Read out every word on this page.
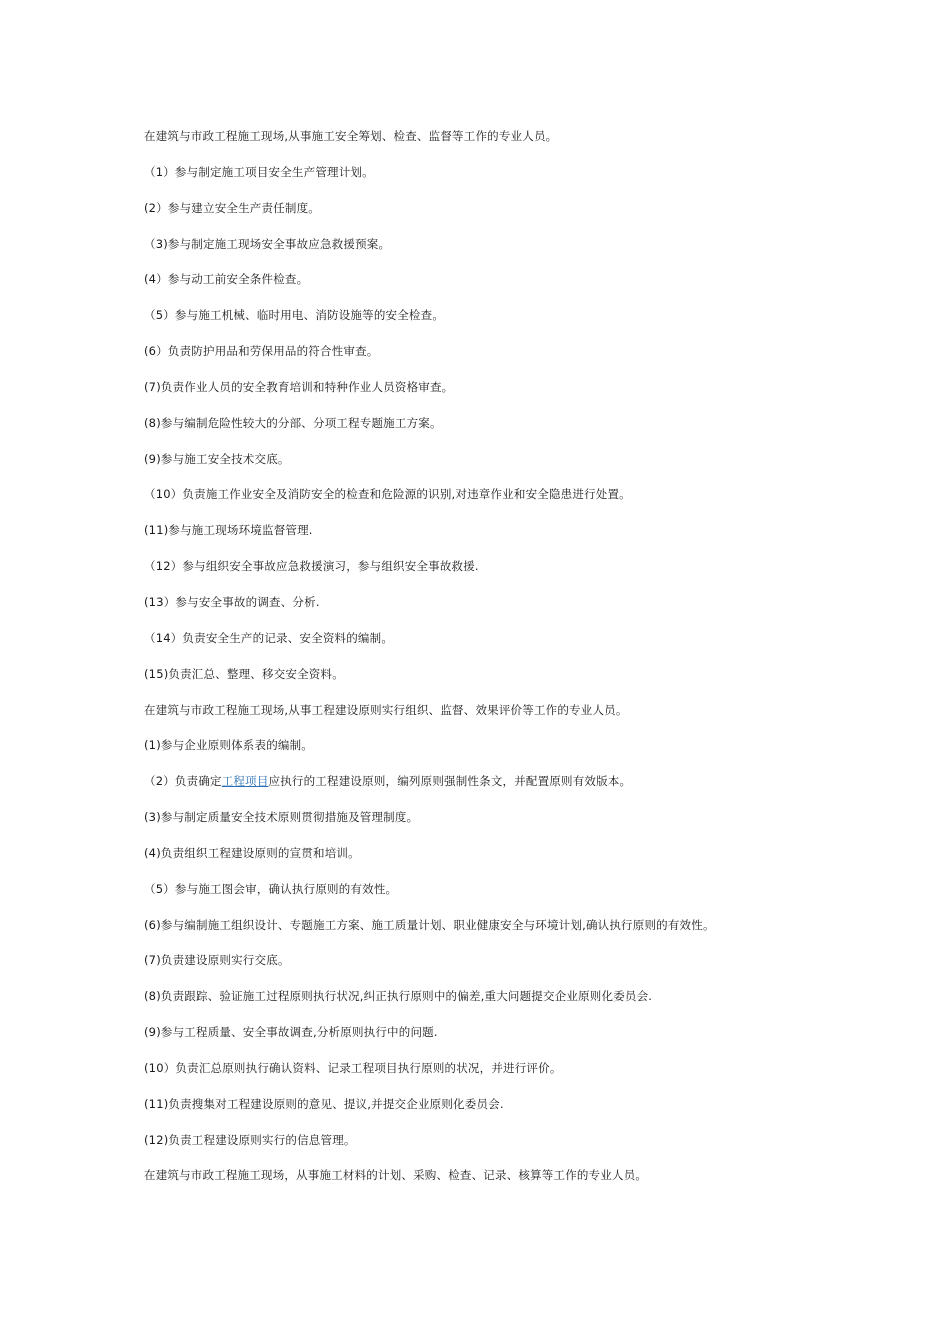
在建筑与市政工程施工现场,从事施工安全筹划、检查、监督等工作的专业人员。
（1）参与制定施工项目安全生产管理计划。
(2）参与建立安全生产责任制度。
（3)参与制定施工现场安全事故应急救援预案。
(4）参与动工前安全条件检查。
（5）参与施工机械、临时用电、消防设施等的安全检查。
(6）负责防护用品和劳保用品的符合性审查。
(7)负责作业人员的安全教育培训和特种作业人员资格审查。
(8)参与编制危险性较大的分部、分项工程专题施工方案。
(9)参与施工安全技术交底。
（10）负责施工作业安全及消防安全的检查和危险源的识别,对违章作业和安全隐患进行处置。
(11)参与施工现场环境监督管理.
（12）参与组织安全事故应急救援演习，参与组织安全事故救援.
(13）参与安全事故的调查、分析.
（14）负责安全生产的记录、安全资料的编制。
(15)负责汇总、整理、移交安全资料。
在建筑与市政工程施工现场,从事工程建设原则实行组织、监督、效果评价等工作的专业人员。
(1)参与企业原则体系表的编制。
（2）负责确定工程项目应执行的工程建设原则，编列原则强制性条文，并配置原则有效版本。
(3)参与制定质量安全技术原则贯彻措施及管理制度。
(4)负责组织工程建设原则的宣贯和培训。
（5）参与施工图会审，确认执行原则的有效性。
(6)参与编制施工组织设计、专题施工方案、施工质量计划、职业健康安全与环境计划,确认执行原则的有效性。
(7)负责建设原则实行交底。
(8)负责跟踪、验证施工过程原则执行状况,纠正执行原则中的偏差,重大问题提交企业原则化委员会.
(9)参与工程质量、安全事故调查,分析原则执行中的问题.
(10）负责汇总原则执行确认资料、记录工程项目执行原则的状况，并进行评价。
(11)负责搜集对工程建设原则的意见、提议,并提交企业原则化委员会.
(12)负责工程建设原则实行的信息管理。
在建筑与市政工程施工现场，从事施工材料的计划、采购、检查、记录、核算等工作的专业人员。
